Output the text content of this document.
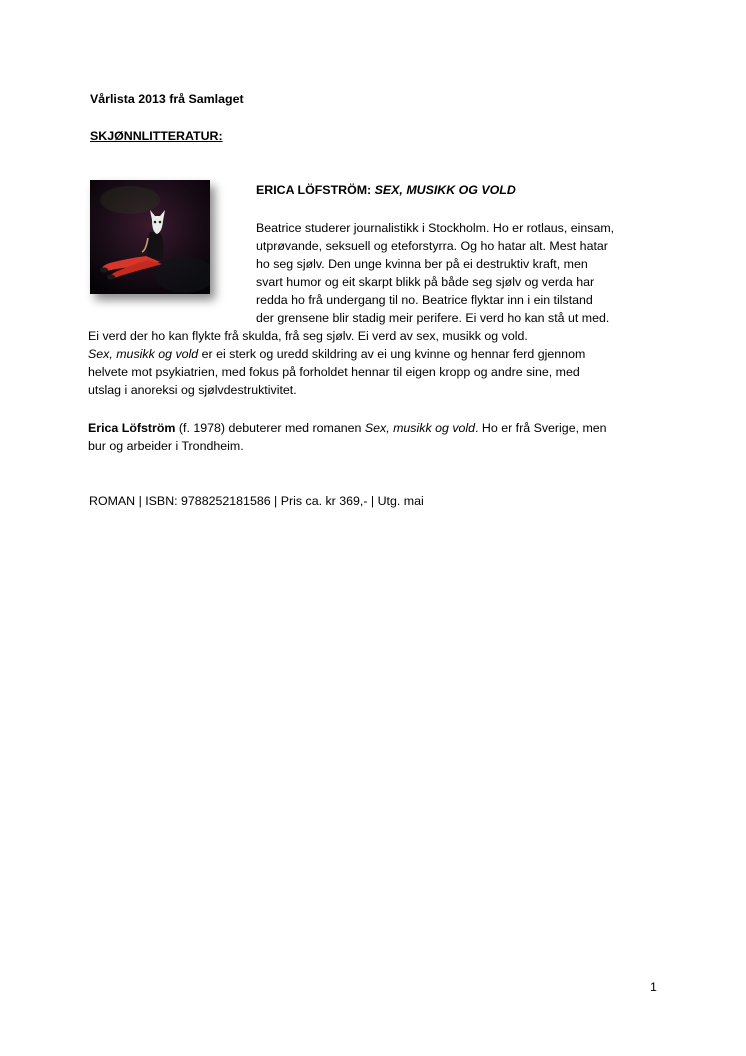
Vårlista 2013 frå Samlaget
SKJØNNLITTERATUR:
ERICA LÖFSTRÖM: SEX, MUSIKK OG VOLD
Beatrice studerer journalistikk i Stockholm. Ho er rotlaus, einsam,
utprøvande, seksuell og eteforstyrra. Og ho hatar alt. Mest hatar
ho seg sjølv. Den unge kvinna ber på ei destruktiv kraft, men
svart humor og eit skarpt blikk på både seg sjølv og verda har
redda ho frå undergang til no. Beatrice flyktar inn i ein tilstand
der grensene blir stadig meir perifere. Ei verd ho kan stå ut med.
Ei verd der ho kan flykte frå skulda, frå seg sjølv. Ei verd av sex, musikk og vold.
Sex, musikk og vold er ei sterk og uredd skildring av ei ung kvinne og hennar ferd gjennom
helvete mot psykiatrien, med fokus på forholdet hennar til eigen kropp og andre sine, med
utslag i anoreksi og sjølvdestruktivitet.
Erica Löfström (f. 1978) debuterer med romanen Sex, musikk og vold. Ho er frå Sverige, men
bur og arbeider i Trondheim.
ROMAN | ISBN: 9788252181586 | Pris ca. kr 369,- | Utg. mai
1
